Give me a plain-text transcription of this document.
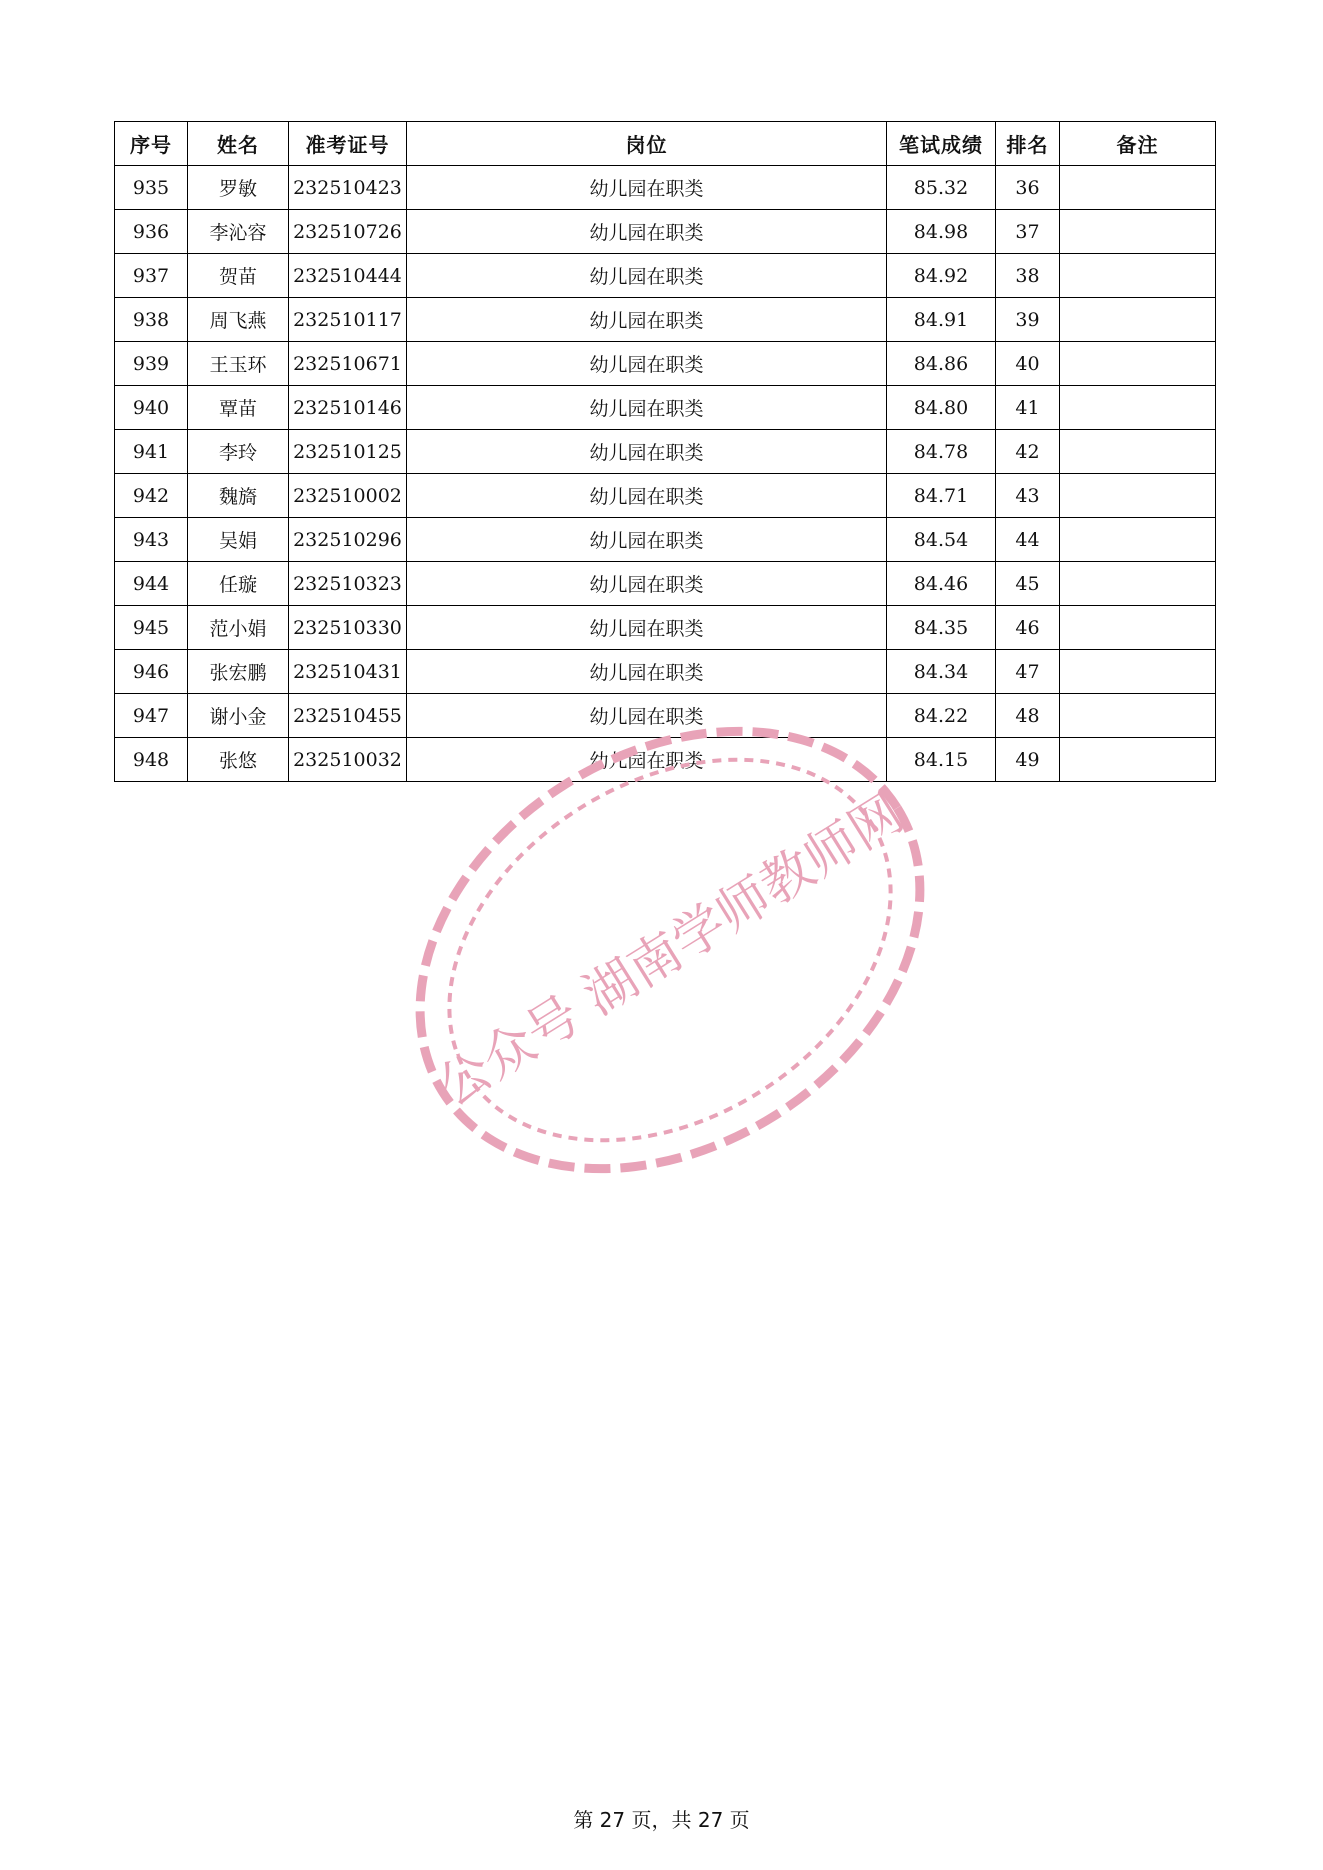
序号	姓名	准考证号	岗位	笔试成绩	排名	备注
935	罗敏	232510423	幼儿园在职类	85.32	36	
936	李沁容	232510726	幼儿园在职类	84.98	37	
937	贺苗	232510444	幼儿园在职类	84.92	38	
938	周飞燕	232510117	幼儿园在职类	84.91	39	
939	王玉环	232510671	幼儿园在职类	84.86	40	
940	覃苗	232510146	幼儿园在职类	84.80	41	
941	李玲	232510125	幼儿园在职类	84.78	42	
942	魏旖	232510002	幼儿园在职类	84.71	43	
943	吴娟	232510296	幼儿园在职类	84.54	44	
944	任璇	232510323	幼儿园在职类	84.46	45	
945	范小娟	232510330	幼儿园在职类	84.35	46	
946	张宏鹏	232510431	幼儿园在职类	84.34	47	
947	谢小金	232510455	幼儿园在职类	84.22	48	
948	张悠	232510032	幼儿园在职类	84.15	49	
公众号 湖南学师教师网
第 27 页，共 27 页
